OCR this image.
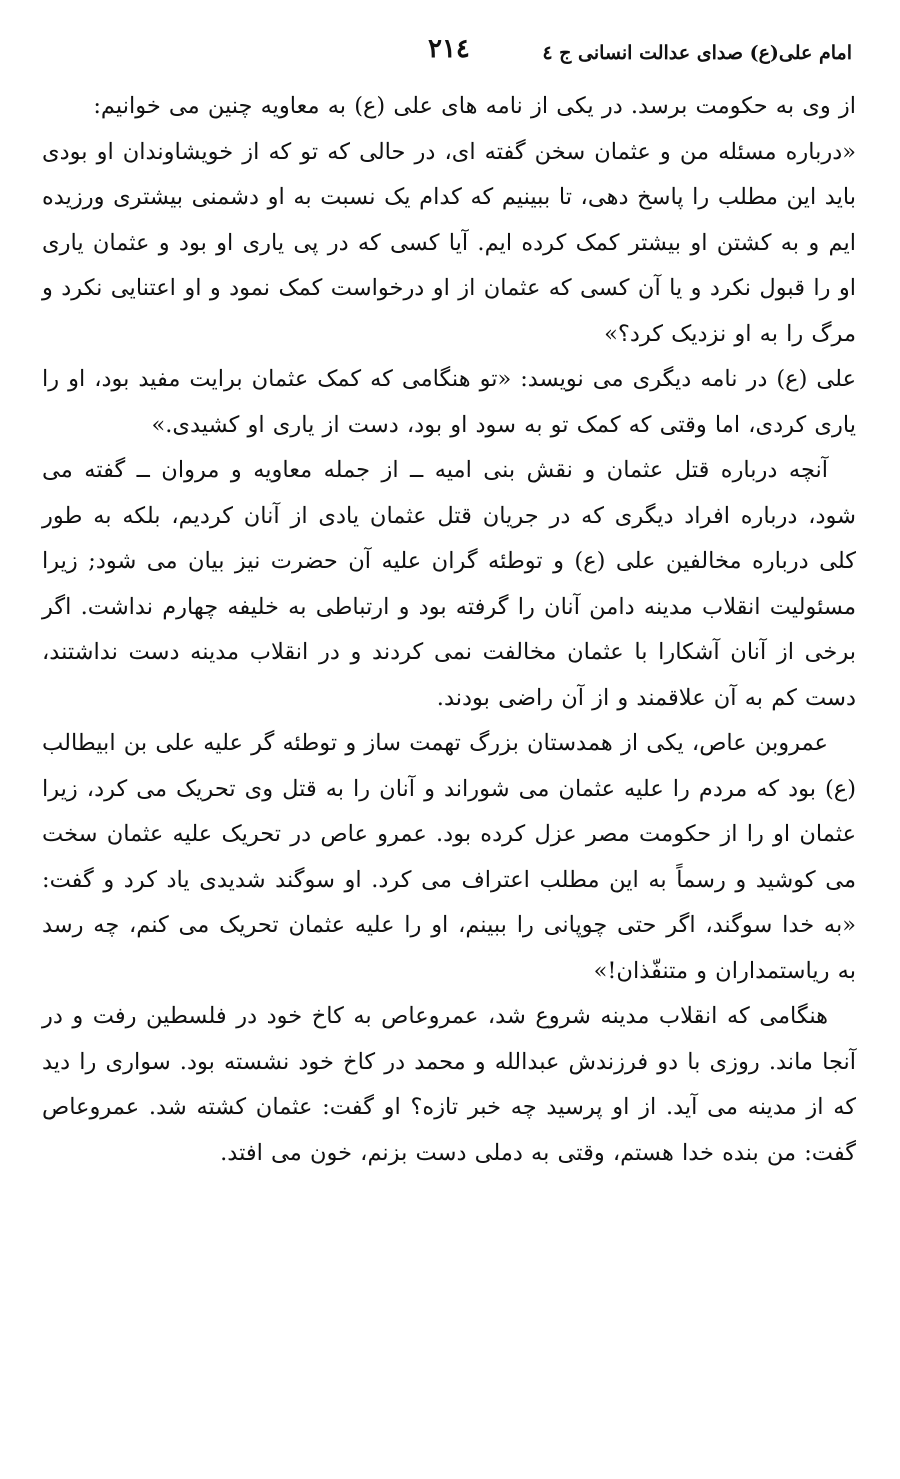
امام علی(ع) صدای عدالت انسانی ج ٤
٢١٤

از وی به حکومت برسد. در یکی از نامه های علی (ع) به معاویه چنین می خوانیم:

«درباره مسئله من و عثمان سخن گفته ای، در حالی که تو که از خویشاوندان او بودی باید این مطلب را پاسخ دهی، تا ببینیم که کدام یک نسبت به او دشمنی بیشتری ورزیده ایم و به کشتن او بیشتر کمک کرده ایم. آیا کسی که در پی یاری او بود و عثمان یاری او را قبول نکرد و یا آن کسی که عثمان از او درخواست کمک نمود و او اعتنایی نکرد و مرگ را به او نزدیک کرد؟»

علی (ع) در نامه دیگری می نویسد: «تو هنگامی که کمک عثمان برایت مفید بود، او را یاری کردی، اما وقتی که کمک تو به سود او بود، دست از یاری او کشیدی.»

آنچه درباره قتل عثمان و نقش بنی امیه ــ از جمله معاویه و مروان ــ گفته می شود، درباره افراد دیگری که در جریان قتل عثمان یادی از آنان کردیم، بلکه به طور کلی درباره مخالفین علی (ع) و توطئه گران علیه آن حضرت نیز بیان می شود; زیرا مسئولیت انقلاب مدینه دامن آنان را گرفته بود و ارتباطی به خلیفه چهارم نداشت. اگر برخی از آنان آشکارا با عثمان مخالفت نمی کردند و در انقلاب مدینه دست نداشتند، دست کم به آن علاقمند و از آن راضی بودند.

عمروبن عاص، یکی از همدستان بزرگ تهمت ساز و توطئه گر علیه علی بن ابیطالب (ع) بود که مردم را علیه عثمان می شوراند و آنان را به قتل وی تحریک می کرد، زیرا عثمان او را از حکومت مصر عزل کرده بود. عمرو عاص در تحریک علیه عثمان سخت می کوشید و رسماً به این مطلب اعتراف می کرد. او سوگند شدیدی یاد کرد و گفت: «به خدا سوگند، اگر حتی چوپانی را ببینم، او را علیه عثمان تحریک می کنم، چه رسد به ریاستمداران و متنفّذان!»

هنگامی که انقلاب مدینه شروع شد، عمروعاص به کاخ خود در فلسطین رفت و در آنجا ماند. روزی با دو فرزندش عبدالله و محمد در کاخ خود نشسته بود. سواری را دید که از مدینه می آید. از او پرسید چه خبر تازه؟ او گفت: عثمان کشته شد. عمروعاص گفت: من بنده خدا هستم، وقتی به دملی دست بزنم، خون می افتد.
